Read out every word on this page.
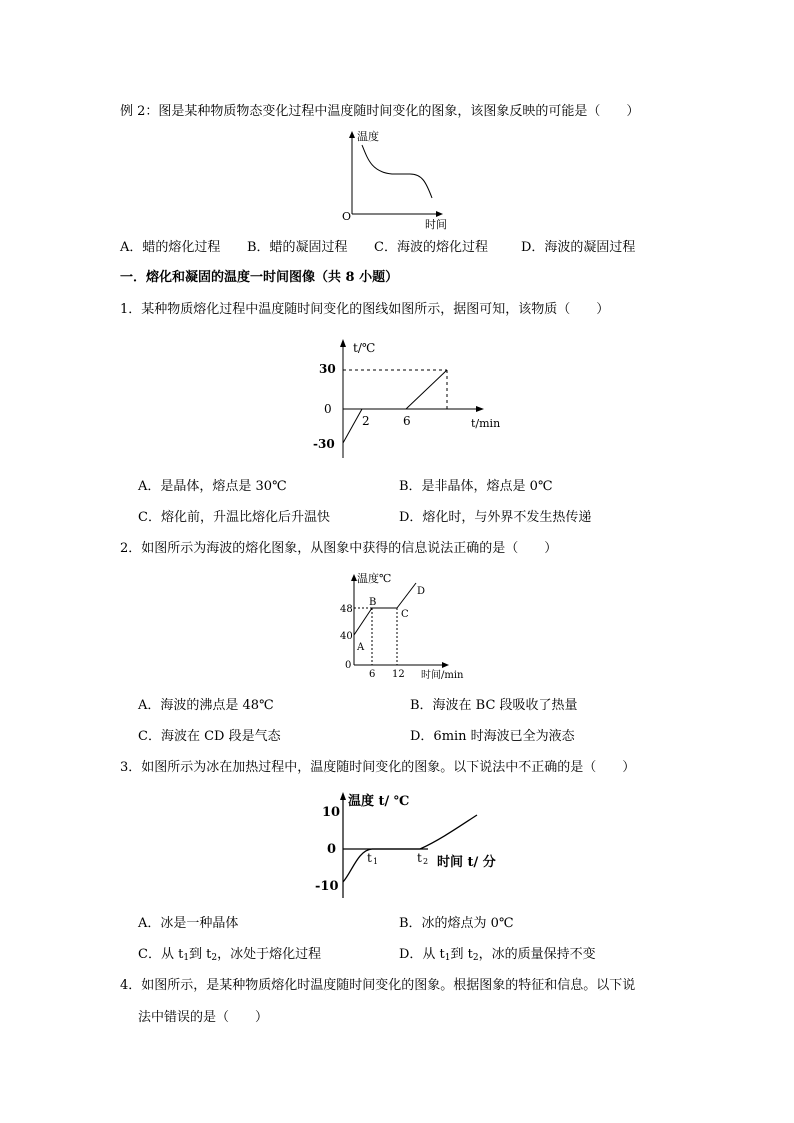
例 2：图是某种物质物态变化过程中温度随时间变化的图象，该图象反映的可能是（　　）
温度
时间
O
A．蜡的熔化过程 B．蜡的凝固过程 C．海波的熔化过程	D．海波的凝固过程
一．熔化和凝固的温度一时间图像（共 8 小题）
1．某种物质熔化过程中温度随时间变化的图线如图所示，据图可知，该物质（　　）
t/℃
t/min
30
0
-30
2	6
A．是晶体，熔点是 30℃	B．是非晶体，熔点是 0℃
C．熔化前，升温比熔化后升温快	D．熔化时，与外界不发生热传递
2．如图所示为海波的熔化图象，从图象中获得的信息说法正确的是（　　）
温度℃
时间/min
48
40
0
6 12
A
B
C
D
A．海波的沸点是 48℃	B．海波在 BC 段吸收了热量
C．海波在 CD 段是气态	D．6min 时海波已全为液态
3．如图所示为冰在加热过程中，温度随时间变化的图象。以下说法中不正确的是（　　）
温度 t/ ℃
时间 t/ 分
10
0
-10
t 1	t 2
A．冰是一种晶体	B．冰的熔点为 0℃
C．从 $t_1$到 $t_2$，冰处于熔化过程	D．从 $t_1$到 $t_2$，冰的质量保持不变
4．如图所示，是某种物质熔化时温度随时间变化的图象。根据图象的特征和信息。以下说
法中错误的是（　　）
